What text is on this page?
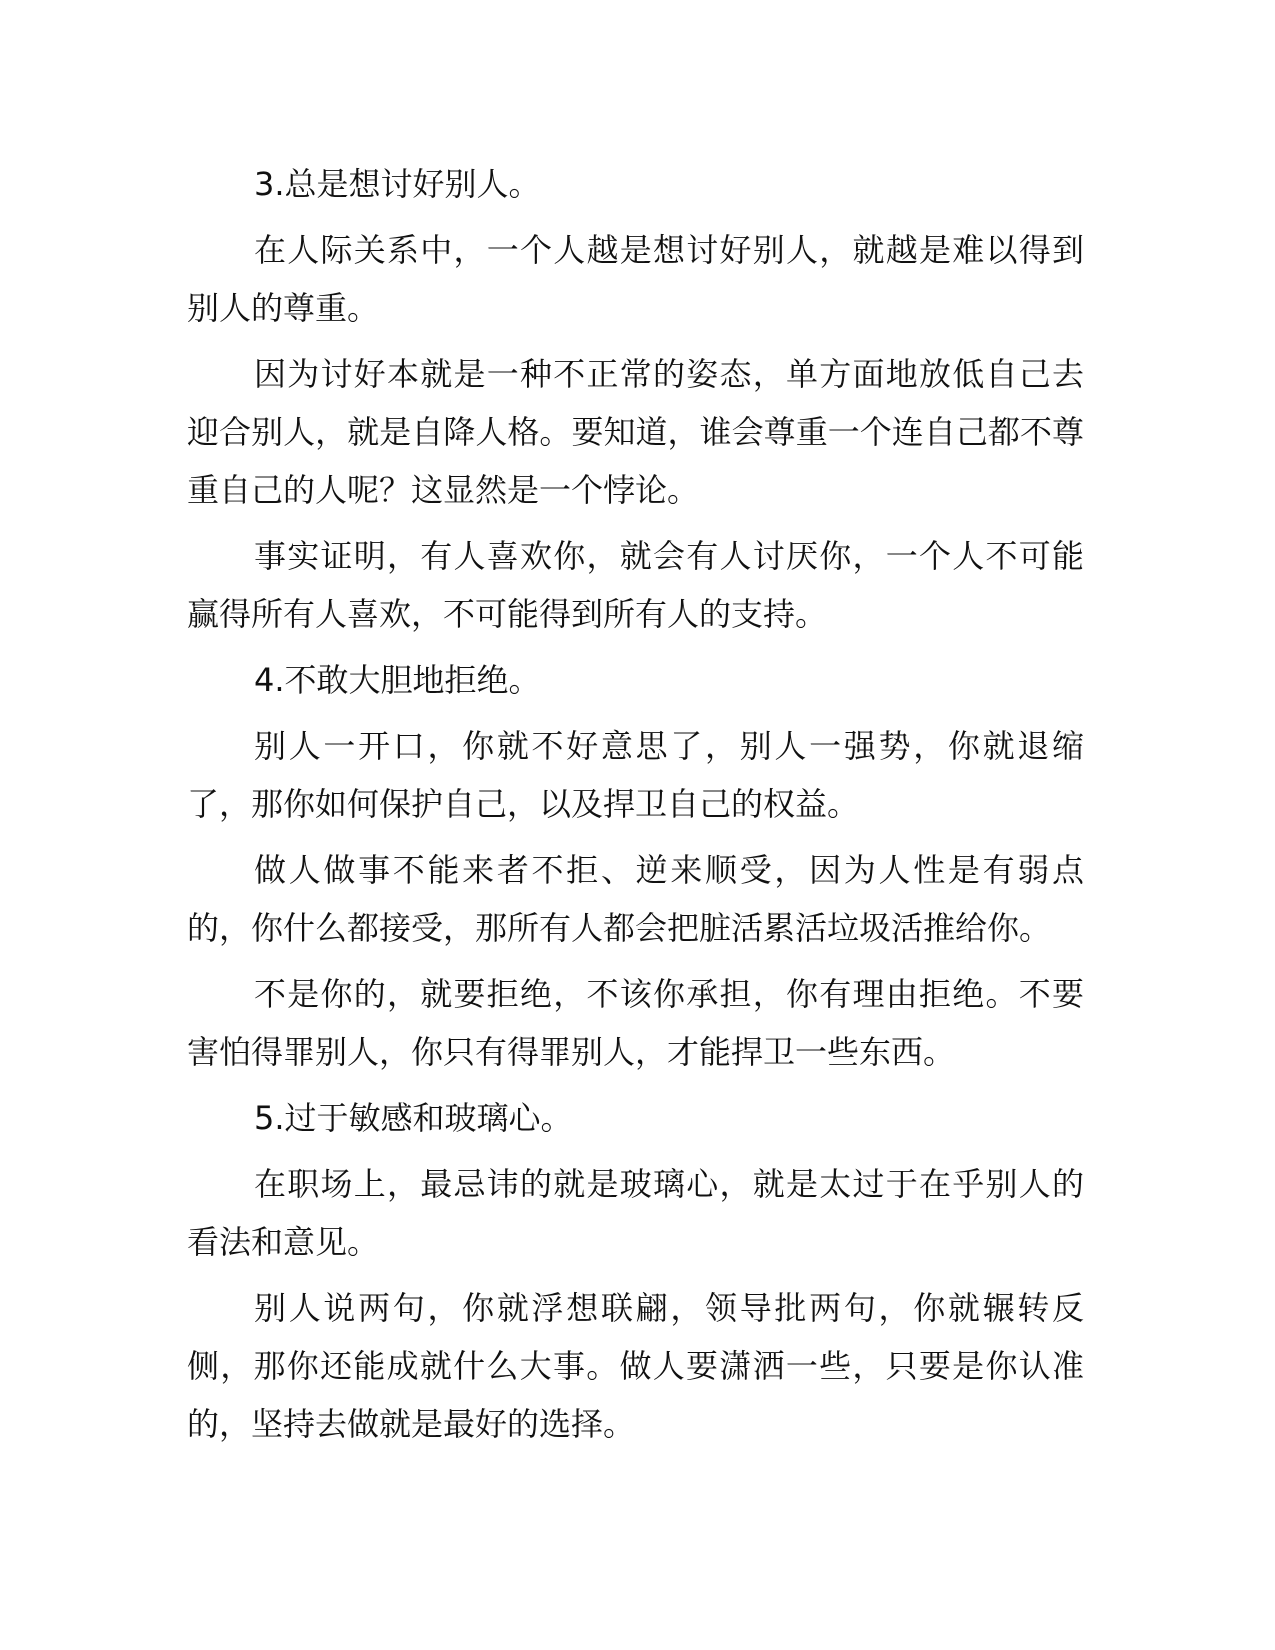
3.总是想讨好别人。

在人际关系中，一个人越是想讨好别人，就越是难以得到别人的尊重。

因为讨好本就是一种不正常的姿态，单方面地放低自己去迎合别人，就是自降人格。要知道，谁会尊重一个连自己都不尊重自己的人呢？这显然是一个悖论。

事实证明，有人喜欢你，就会有人讨厌你，一个人不可能赢得所有人喜欢，不可能得到所有人的支持。

4.不敢大胆地拒绝。

别人一开口，你就不好意思了，别人一强势，你就退缩了，那你如何保护自己，以及捍卫自己的权益。

做人做事不能来者不拒、逆来顺受，因为人性是有弱点的，你什么都接受，那所有人都会把脏活累活垃圾活推给你。

不是你的，就要拒绝，不该你承担，你有理由拒绝。不要害怕得罪别人，你只有得罪别人，才能捍卫一些东西。

5.过于敏感和玻璃心。

在职场上，最忌讳的就是玻璃心，就是太过于在乎别人的看法和意见。

别人说两句，你就浮想联翩，领导批两句，你就辗转反侧，那你还能成就什么大事。做人要潇洒一些，只要是你认准的，坚持去做就是最好的选择。
